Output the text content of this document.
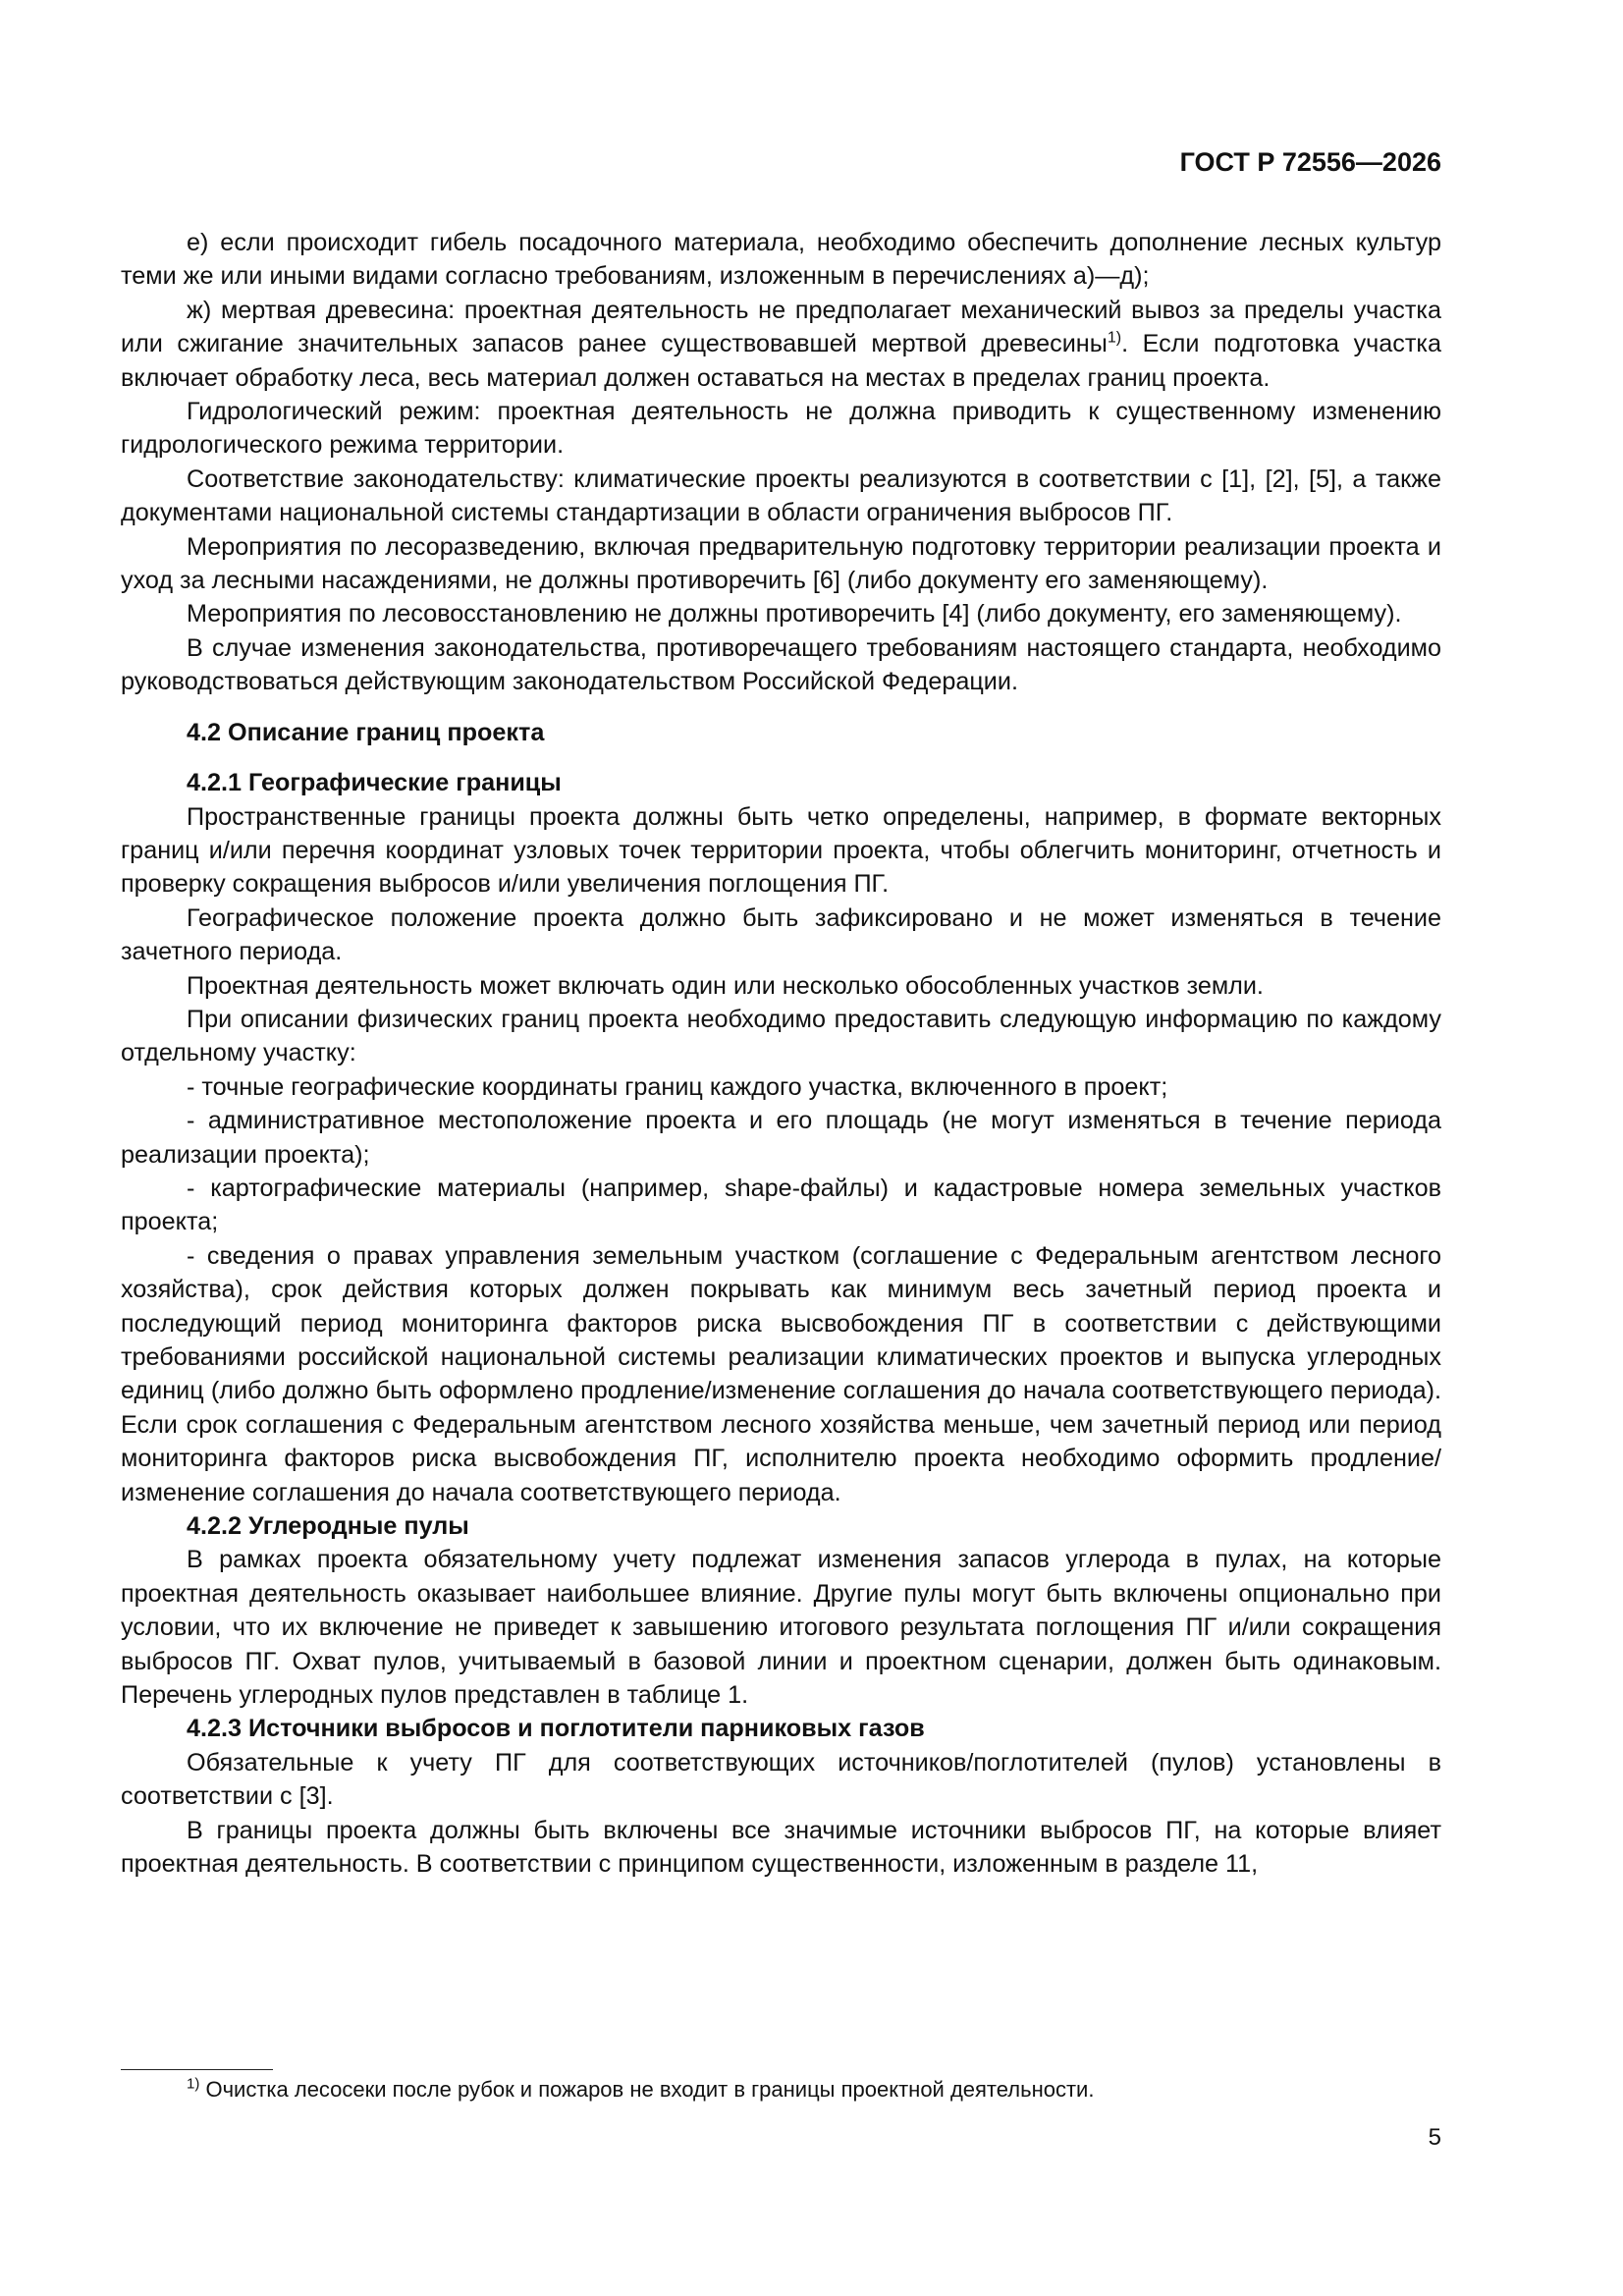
ГОСТ Р 72556—2026

е) если происходит гибель посадочного материала, необходимо обеспечить дополнение лесных культур теми же или иными видами согласно требованиям, изложенным в перечислениях а)—д);

ж) мертвая древесина: проектная деятельность не предполагает механический вывоз за пределы участка или сжигание значительных запасов ранее существовавшей мертвой древесины$^{1)}$. Если подготовка участка включает обработку леса, весь материал должен оставаться на местах в пределах границ проекта.

Гидрологический режим: проектная деятельность не должна приводить к существенному изменению гидрологического режима территории.

Соответствие законодательству: климатические проекты реализуются в соответствии с [1], [2], [5], а также документами национальной системы стандартизации в области ограничения выбросов ПГ.

Мероприятия по лесоразведению, включая предварительную подготовку территории реализации проекта и уход за лесными насаждениями, не должны противоречить [6] (либо документу его заменяющему).

Мероприятия по лесовосстановлению не должны противоречить [4] (либо документу, его заменяющему).

В случае изменения законодательства, противоречащего требованиям настоящего стандарта, необходимо руководствоваться действующим законодательством Российской Федерации.

4.2 Описание границ проекта
4.2.1 Географические границы

Пространственные границы проекта должны быть четко определены, например, в формате векторных границ и/или перечня координат узловых точек территории проекта, чтобы облегчить мониторинг, отчетность и проверку сокращения выбросов и/или увеличения поглощения ПГ.

Географическое положение проекта должно быть зафиксировано и не может изменяться в течение зачетного периода.

Проектная деятельность может включать один или несколько обособленных участков земли.

При описании физических границ проекта необходимо предоставить следующую информацию по каждому отдельному участку:

- точные географические координаты границ каждого участка, включенного в проект;

- административное местоположение проекта и его площадь (не могут изменяться в течение периода реализации проекта);

- картографические материалы (например, shape-файлы) и кадастровые номера земельных участков проекта;

- сведения о правах управления земельным участком (соглашение с Федеральным агентством лесного хозяйства), срок действия которых должен покрывать как минимум весь зачетный период проекта и последующий период мониторинга факторов риска высвобождения ПГ в соответствии с действующими требованиями российской национальной системы реализации климатических проектов и выпуска углеродных единиц (либо должно быть оформлено продление/изменение соглашения до начала соответствующего периода). Если срок соглашения с Федеральным агентством лесного хозяйства меньше, чем зачетный период или период мониторинга факторов риска высвобождения ПГ, исполнителю проекта необходимо оформить продление/изменение соглашения до начала соответствующего периода.

4.2.2 Углеродные пулы

В рамках проекта обязательному учету подлежат изменения запасов углерода в пулах, на которые проектная деятельность оказывает наибольшее влияние. Другие пулы могут быть включены опционально при условии, что их включение не приведет к завышению итогового результата поглощения ПГ и/или сокращения выбросов ПГ. Охват пулов, учитываемый в базовой линии и проектном сценарии, должен быть одинаковым. Перечень углеродных пулов представлен в таблице 1.

4.2.3 Источники выбросов и поглотители парниковых газов

Обязательные к учету ПГ для соответствующих источников/поглотителей (пулов) установлены в соответствии с [3].

В границы проекта должны быть включены все значимые источники выбросов ПГ, на которые влияет проектная деятельность. В соответствии с принципом существенности, изложенным в разделе 11,

$^{1)}$ Очистка лесосеки после рубок и пожаров не входит в границы проектной деятельности.
5
